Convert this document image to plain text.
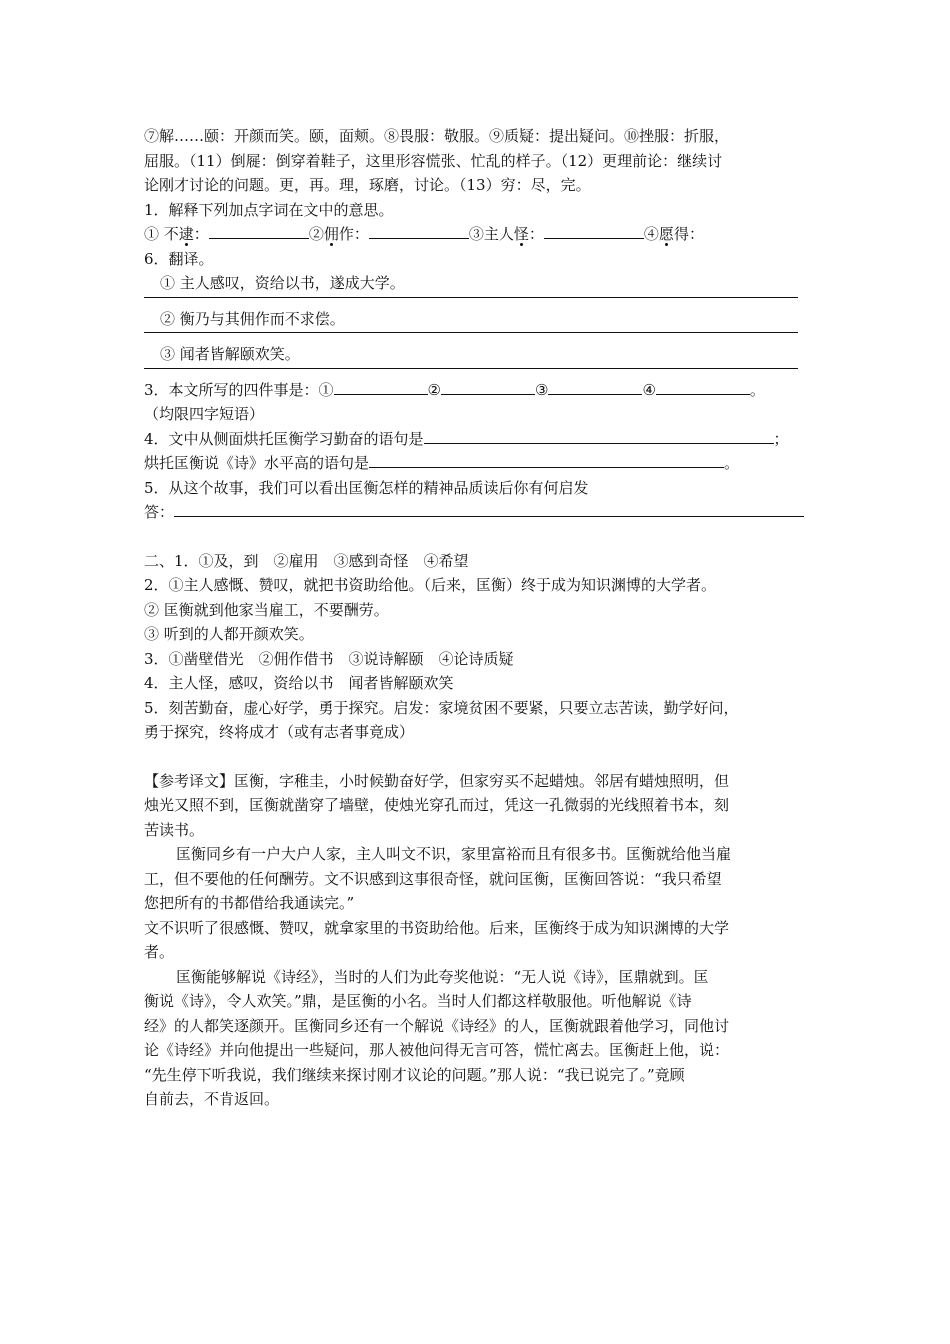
⑦解……颐：开颜而笑。颐，面颊。⑧畏服：敬服。⑨质疑：提出疑问。⑩挫服：折服，
屈服。（11）倒屣：倒穿着鞋子，这里形容慌张、忙乱的样子。（12）更理前论：继续讨
论刚才讨论的问题。更，再。理，琢磨，讨论。（13）穷：尽，完。
1．解释下列加点字词在文中的意思。
① 不逮：	②佣作：	③主人怪：	④愿得：
6．翻译。
① 主人感叹，资给以书，遂成大学。
② 衡乃与其佣作而不求偿。
③ 闻者皆解颐欢笑。
3．本文所写的四件事是：①	②	③	④	。
（均限四字短语）
4．文中从侧面烘托匡衡学习勤奋的语句是	；
烘托匡衡说《诗》水平高的语句是	。
5．从这个故事，我们可以看出匡衡怎样的精神品质读后你有何启发
答：
二、1．①及，到　②雇用　③感到奇怪　④希望
2．①主人感慨、赞叹，就把书资助给他。（后来，匡衡）终于成为知识渊博的大学者。
② 匡衡就到他家当雇工，不要酬劳。
③ 听到的人都开颜欢笑。
3．①凿壁借光　②佣作借书　③说诗解颐　④论诗质疑
4．主人怪，感叹，资给以书　闻者皆解颐欢笑
5．刻苦勤奋，虚心好学，勇于探究。启发：家境贫困不要紧，只要立志苦读，勤学好问，
勇于探究，终将成才（或有志者事竟成）
【参考译文】匡衡，字稚圭，小时候勤奋好学，但家穷买不起蜡烛。邻居有蜡烛照明，但
烛光又照不到，匡衡就凿穿了墙壁，使烛光穿孔而过，凭这一孔微弱的光线照着书本，刻
苦读书。
匡衡同乡有一户大户人家，主人叫文不识，家里富裕而且有很多书。匡衡就给他当雇
工，但不要他的任何酬劳。文不识感到这事很奇怪，就问匡衡，匡衡回答说：“我只希望
您把所有的书都借给我通读完。”
文不识听了很感慨、赞叹，就拿家里的书资助给他。后来，匡衡终于成为知识渊博的大学
者。
匡衡能够解说《诗经》，当时的人们为此夸奖他说：“无人说《诗》，匡鼎就到。匡
衡说《诗》，令人欢笑。”鼎，是匡衡的小名。当时人们都这样敬服他。听他解说《诗
经》的人都笑逐颜开。匡衡同乡还有一个解说《诗经》的人，匡衡就跟着他学习，同他讨
论《诗经》并向他提出一些疑问，那人被他问得无言可答，慌忙离去。匡衡赶上他，说：
“先生停下听我说，我们继续来探讨刚才议论的问题。”那人说：“我已说完了。”竟顾
自前去，不肯返回。
